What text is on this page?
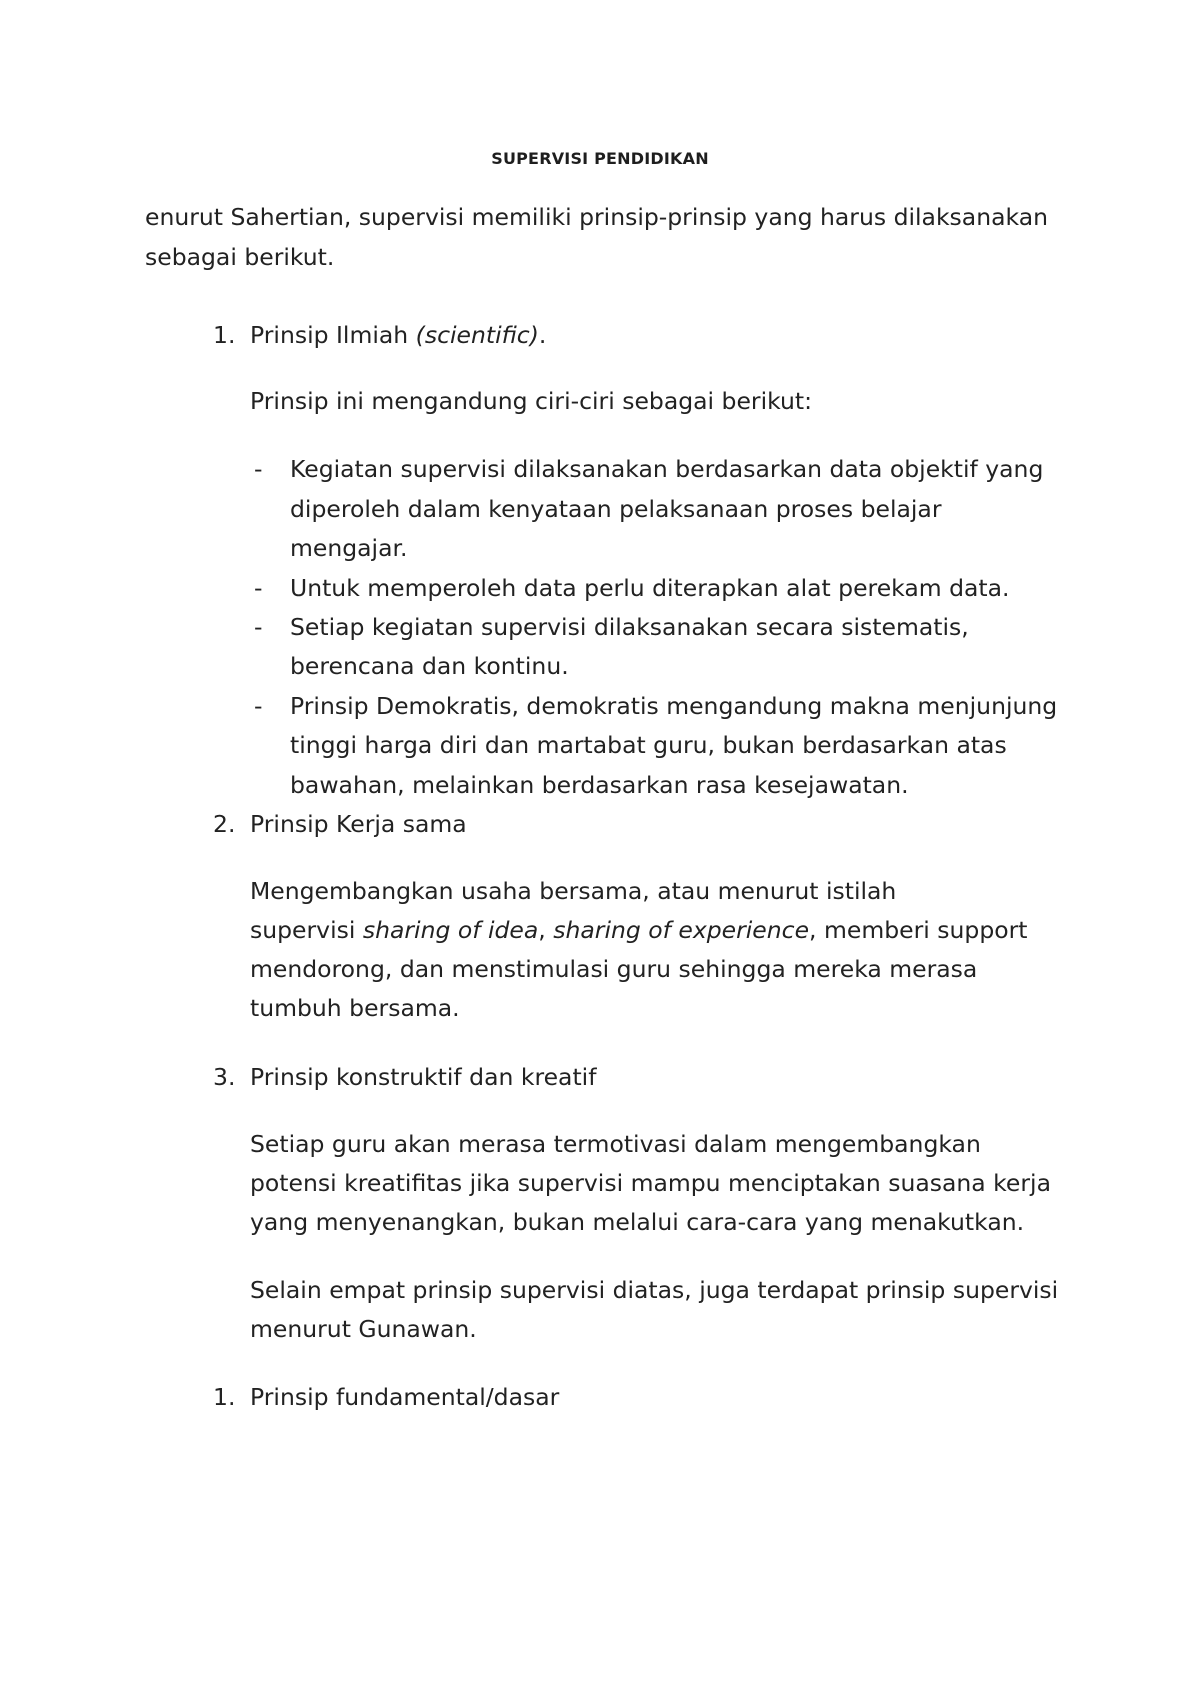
SUPERVISI PENDIDIKAN
enurut Sahertian, supervisi memiliki prinsip-prinsip yang harus dilaksanakan
sebagai berikut.
1. Prinsip Ilmiah (scientific).
Prinsip ini mengandung ciri-ciri sebagai berikut:
- Kegiatan supervisi dilaksanakan berdasarkan data objektif yang
diperoleh dalam kenyataan pelaksanaan proses belajar
mengajar.
- Untuk memperoleh data perlu diterapkan alat perekam data.
- Setiap kegiatan supervisi dilaksanakan secara sistematis,
berencana dan kontinu.
- Prinsip Demokratis, demokratis mengandung makna menjunjung
tinggi harga diri dan martabat guru, bukan berdasarkan atas
bawahan, melainkan berdasarkan rasa kesejawatan.
2. Prinsip Kerja sama
Mengembangkan usaha bersama, atau menurut istilah
supervisi sharing of idea, sharing of experience, memberi support
mendorong, dan menstimulasi guru sehingga mereka merasa
tumbuh bersama.
3. Prinsip konstruktif dan kreatif
Setiap guru akan merasa termotivasi dalam mengembangkan
potensi kreatifitas jika supervisi mampu menciptakan suasana kerja
yang menyenangkan, bukan melalui cara-cara yang menakutkan.
Selain empat prinsip supervisi diatas, juga terdapat prinsip supervisi
menurut Gunawan.
1. Prinsip fundamental/dasar
